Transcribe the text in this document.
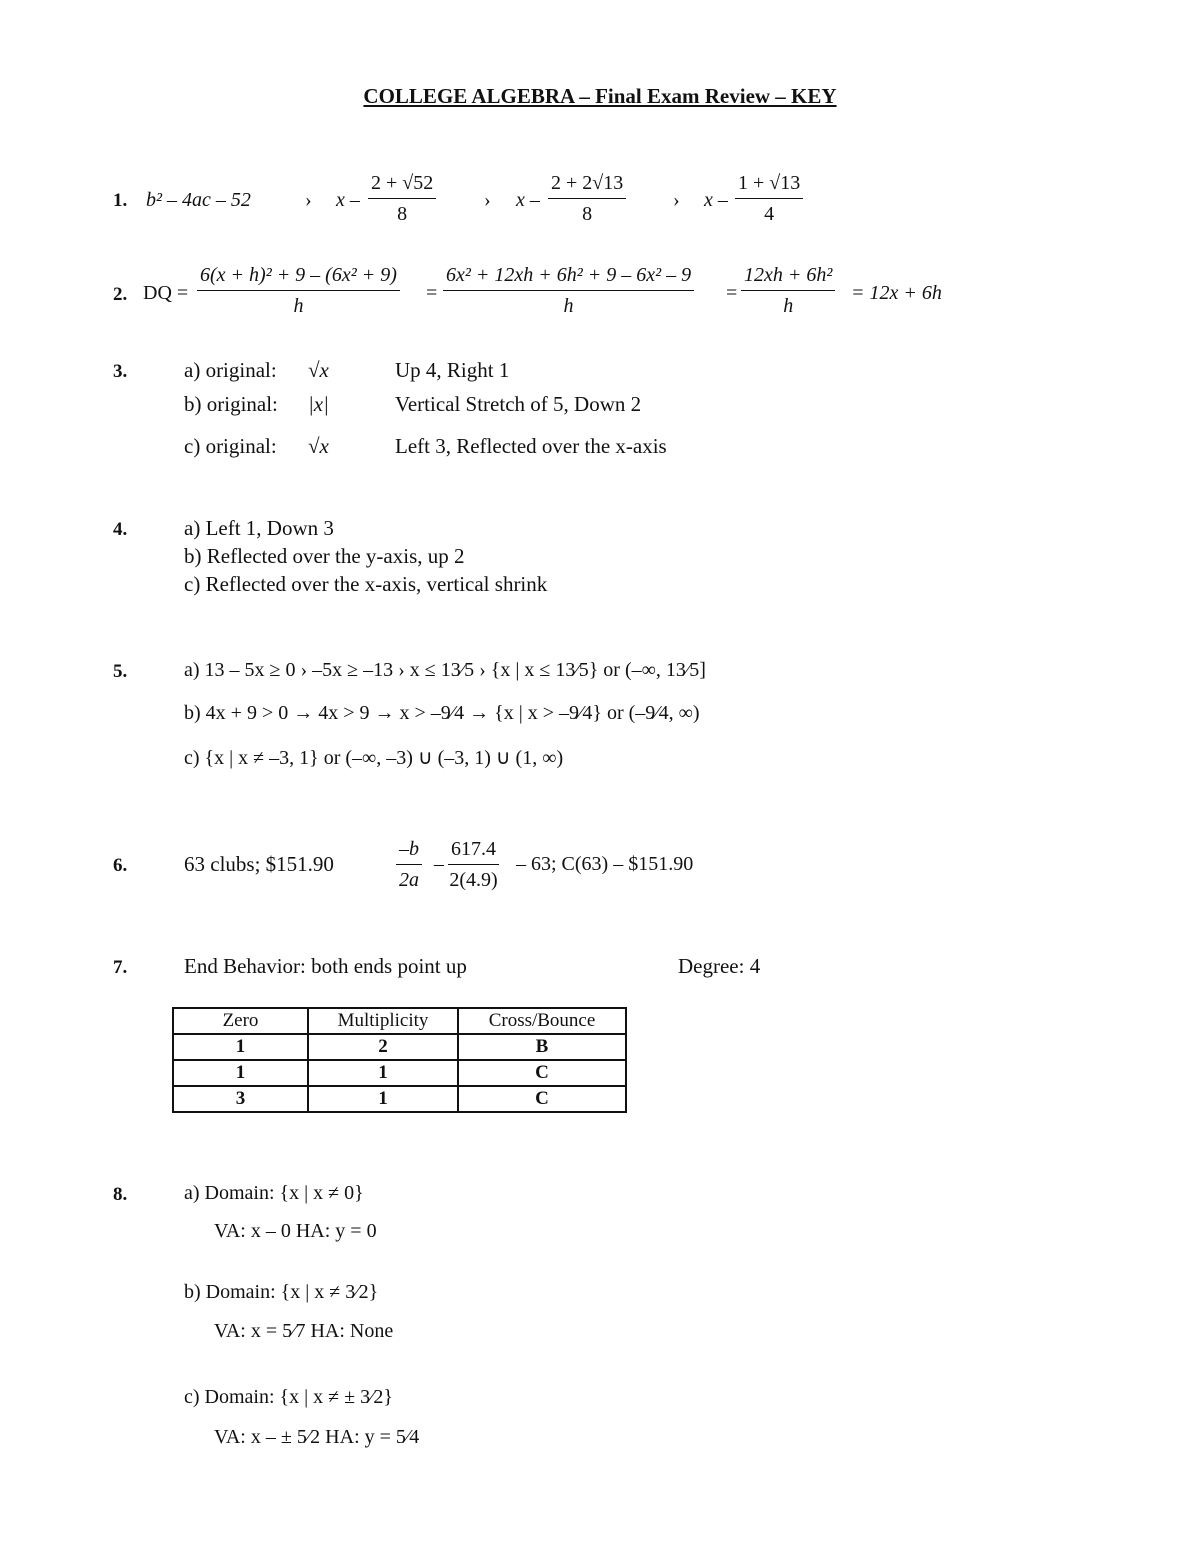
COLLEGE ALGEBRA – Final Exam Review – KEY
1. b² – 4ac – 52	› x – $\frac{2 + √52}{8}$ › x – $\frac{2 + 2√13}{8}$ › x – $\frac{1 + √13}{4}$
2. DQ = $\frac{\text{6(x + h)² + 9 – (6x² + 9)}}{h} = \frac{\text{6x² + 12xh + 6h² + 9 – 6x² – 9}}{h} = \frac{\text{12xh + 6h²}}{h} = 12x + 6h$
3.	a) original: √x	Up 4, Right 1
b) original: |x|	Vertical Stretch of 5, Down 2
c) original: √x	Left 3, Reflected over the x-axis
4.	a) Left 1, Down 3
b) Reflected over the y-axis, up 2
c) Reflected over the x-axis, vertical shrink
5.	a) 13 – 5x ≥ 0 › –5x ≥ –13 › x ≤ 13⁄5 › {x | x ≤ 13⁄5} or (–∞, 13⁄5]
b) 4x + 9 > 0 → 4x > 9 → x > –9⁄4 → {x | x > –9⁄4} or (–9⁄4, ∞)
c) {x | x ≠ –3, 1} or (–∞, –3) ∪ (–3, 1) ∪ (1, ∞)
6.	63 clubs; $151.90	$\frac{-b}{2a} - \frac{617.4}{2(4.9)} - 63$; C(63) – $151.90
7.	End Behavior: both ends point up	Degree: 4
Zero	Multiplicity	Cross/Bounce
1	2	B
1	1	C
3	1	C
8.	a) Domain: {x | x ≠ 0}
VA: x – 0 HA: y = 0
b) Domain: {x | x ≠ 3⁄2}
VA: x = 5⁄7 HA: None
c) Domain: {x | x ≠ ± 3⁄2}
VA: x – ± 5⁄2 HA: y = 5⁄4
